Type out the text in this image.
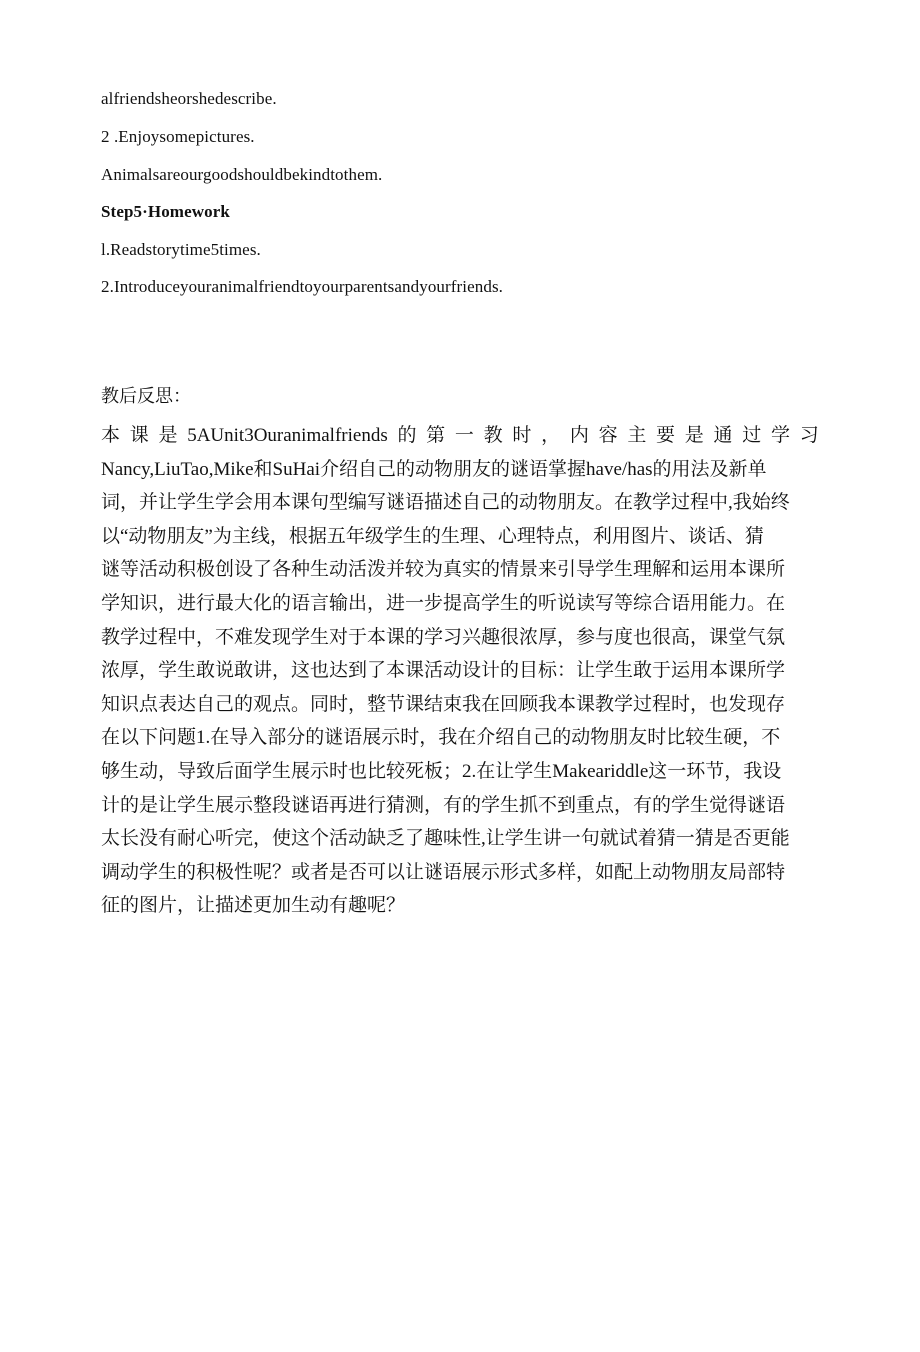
alfriendsheorshedescribe.
2 .Enjoysomepictures.
Animalsareourgoodshouldbekindtothem.
Step5·Homework
l.Readstorytime5times.
2.Introduceyouranimalfriendtoyourparentsandyourfriends.
教后反思：

本 课 是 5AUnit3Ouranimalfriends 的 第 一 教 时 ， 内 容 主 要 是 通 过 学 习

Nancy,LiuTao,Mike和SuHai介绍自己的动物朋友的谜语掌握have/has的用法及新单

词，并让学生学会用本课句型编写谜语描述自己的动物朋友。在教学过程中,我始终

以“动物朋友”为主线，根据五年级学生的生理、心理特点，利用图片、谈话、猜

谜等活动积极创设了各种生动活泼并较为真实的情景来引导学生理解和运用本课所

学知识，进行最大化的语言输出，进一步提高学生的听说读写等综合语用能力。在

教学过程中，不难发现学生对于本课的学习兴趣很浓厚，参与度也很高，课堂气氛

浓厚，学生敢说敢讲，这也达到了本课活动设计的目标：让学生敢于运用本课所学

知识点表达自己的观点。同时，整节课结束我在回顾我本课教学过程时，也发现存

在以下问题1.在导入部分的谜语展示时，我在介绍自己的动物朋友时比较生硬，不

够生动，导致后面学生展示时也比较死板；2.在让学生Makeariddle这一环节，我设

计的是让学生展示整段谜语再进行猜测，有的学生抓不到重点，有的学生觉得谜语

太长没有耐心听完，使这个活动缺乏了趣味性,让学生讲一句就试着猜一猜是否更能

调动学生的积极性呢？或者是否可以让谜语展示形式多样，如配上动物朋友局部特

征的图片，让描述更加生动有趣呢？
